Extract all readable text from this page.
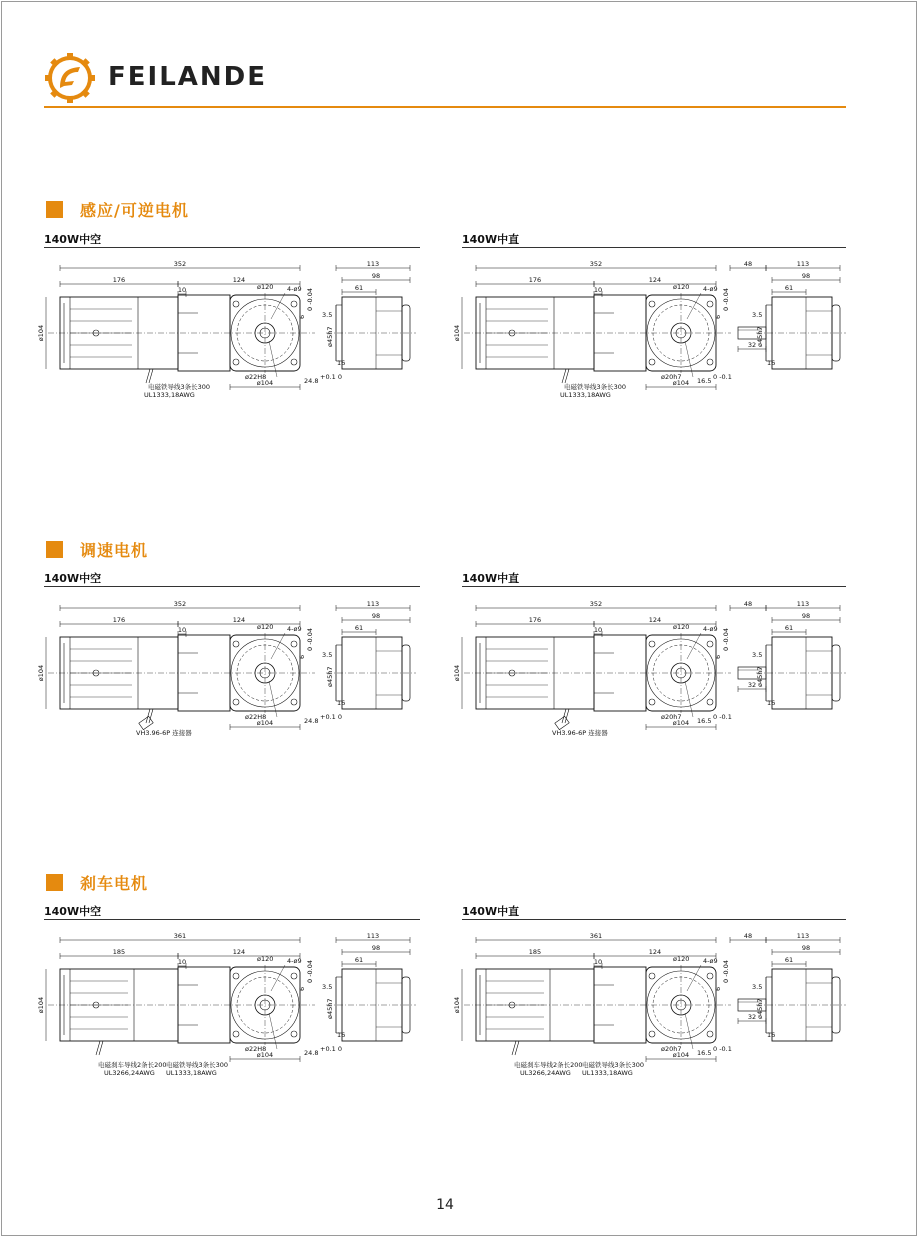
FEILANDE
感应/可逆电机
140W中空	140W中直
352
176	124
10
ø104
ø120 4-ø9
ø22H8
ø104
6
0 -0.04
24.8 +0.1 0
电磁铁导线3条长300
UL1333,18AWG
113
98
61
3.5
ø45h7
16
352
176	124
10
ø104
ø120 4-ø9
ø20h7
ø104
6
0 -0.04
16.5 0 -0.1
电磁铁导线3条长300
UL1333,18AWG
48
32
113
98
61
3.5
ø45h7
16
调速电机
140W中空	140W中直
352
176	124
10
ø104
ø120 4-ø9
ø22H8
ø104
6
0 -0.04
24.8 +0.1 0
VH3.96-6P 连接器
113
98
61
3.5
ø45h7
16
352
176	124
10
ø104
ø120 4-ø9
ø20h7
ø104
6
0 -0.04
16.5 0 -0.1
VH3.96-6P 连接器
48
32
113
98
61
3.5
ø45h7
16
刹车电机
140W中空	140W中直
361
185	124
10
ø104
ø120 4-ø9
ø22H8
ø104
6
0 -0.04
24.8 +0.1 0
电磁刹车导线2条长200
UL3266,24AWG
电磁铁导线3条长300
UL1333,18AWG
113
98
61
3.5
ø45h7
16
361
185	124
10
ø104
ø120 4-ø9
ø20h7
ø104
6
0 -0.04
16.5 0 -0.1
电磁刹车导线2条长200
UL3266,24AWG
电磁铁导线3条长300
UL1333,18AWG
48
32
113
98
61
3.5
ø45h7
16
14
